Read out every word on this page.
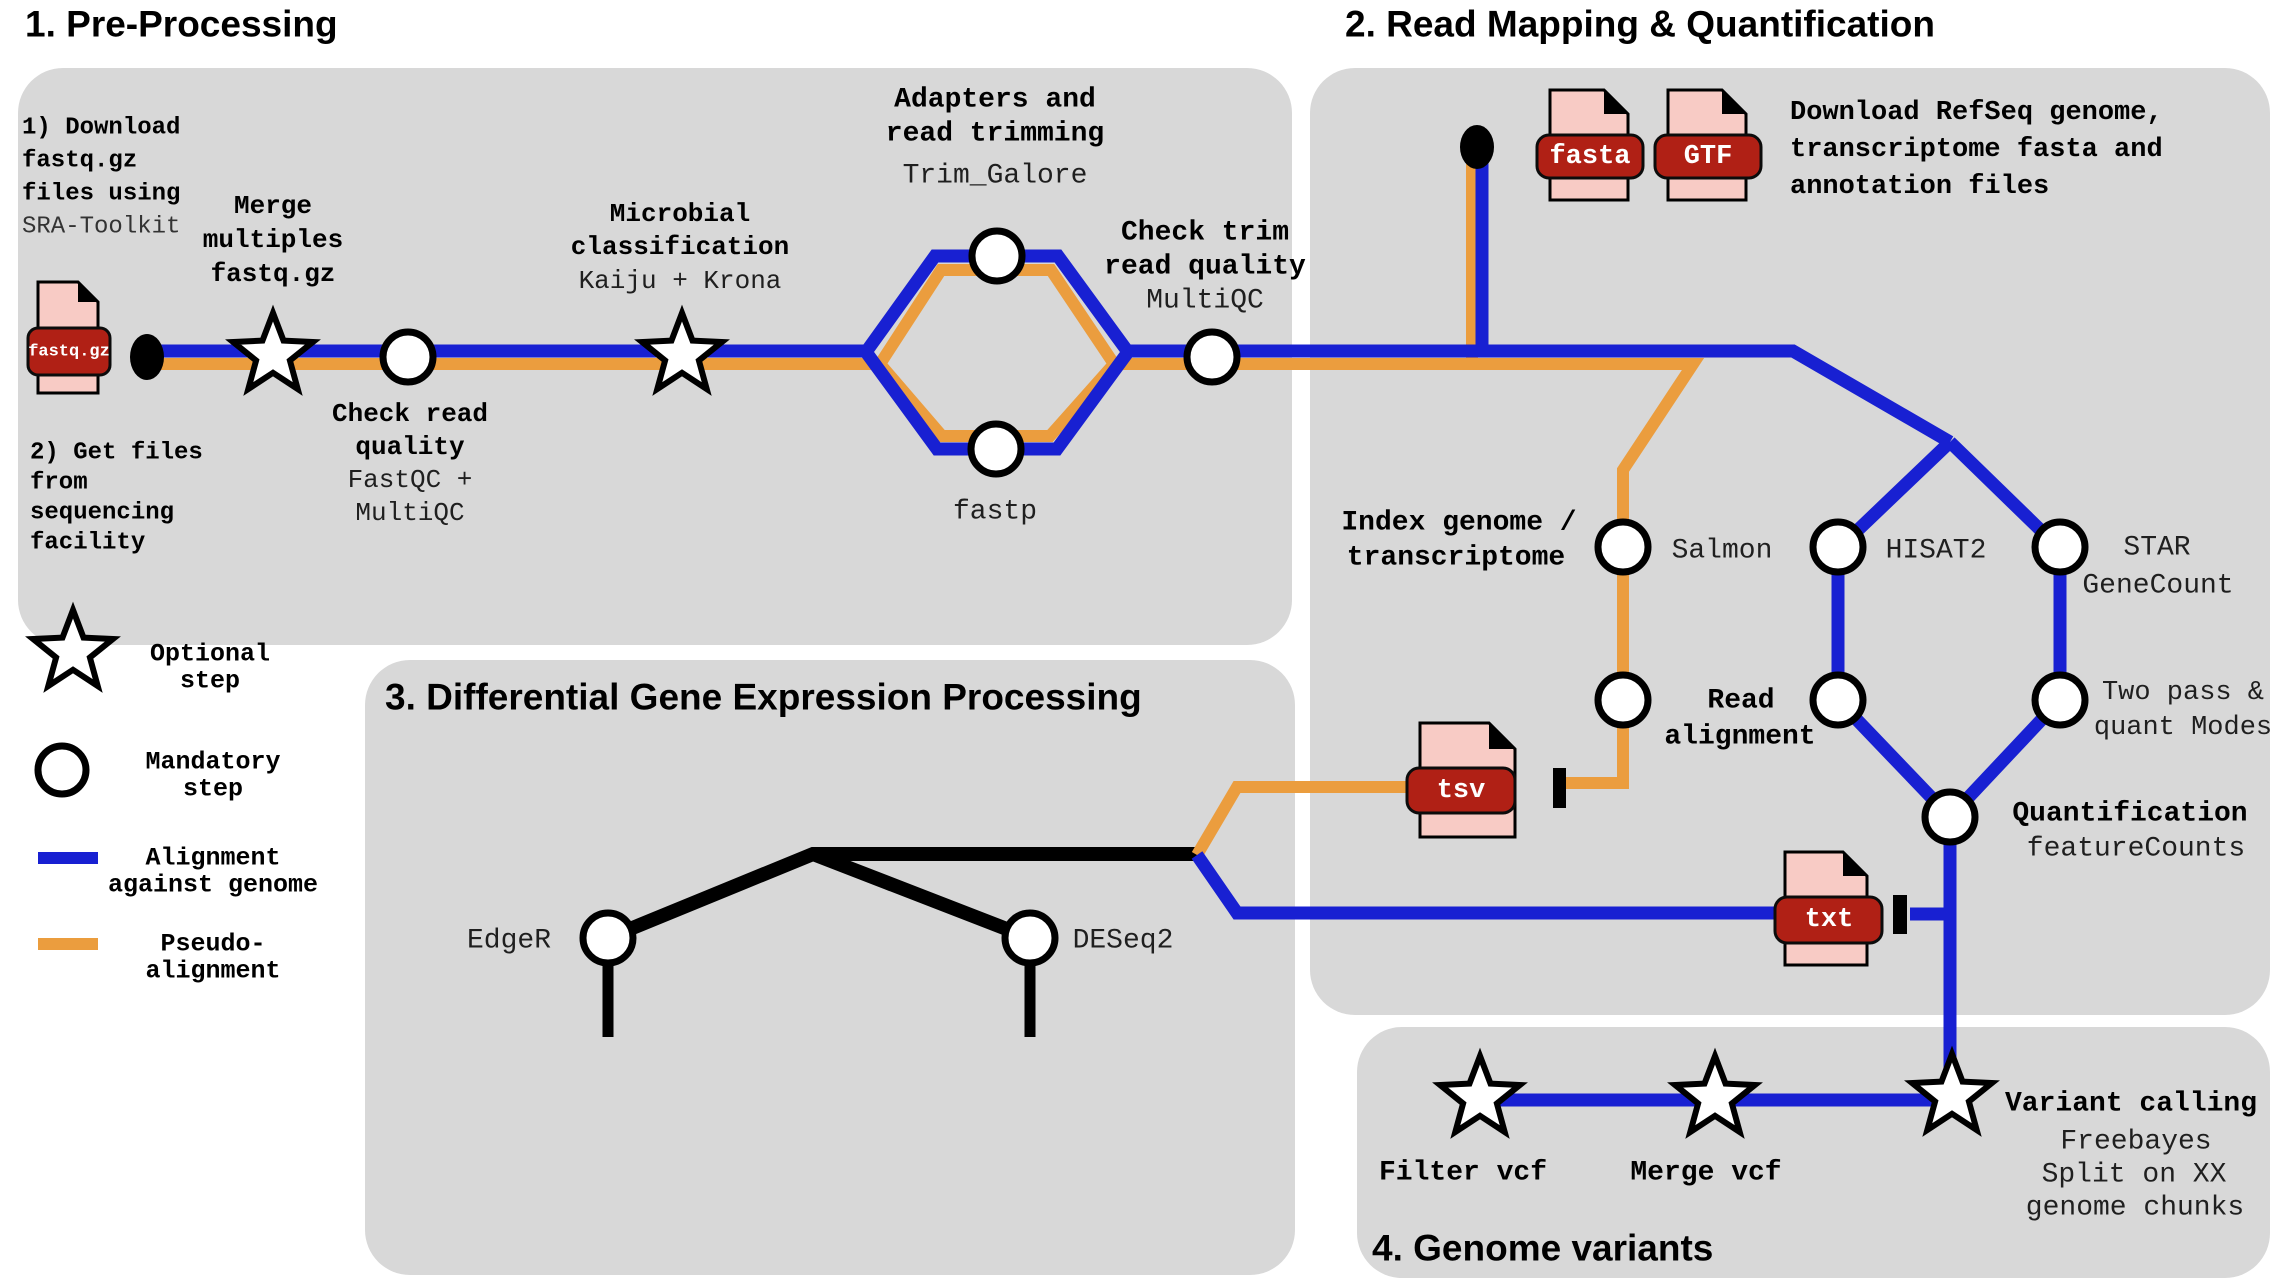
fastq.gz
fasta GTF
tsv
txt
1. Pre-Processing	2. Read Mapping & Quantification
3. Differential Gene Expression Processing
4. Genome variants
1) Download
fastq.gz
files using
SRA-Toolkit
2) Get files
from
sequencing
facility
Merge
multiples
fastq.gz
Check read
quality
FastQC +
MultiQC
Microbial
classification
Kaiju + Krona
Adapters and
read trimming
Trim_Galore
fastp
Check trim
read quality
MultiQC
Optional
step
Mandatory
step
Alignment
against genome
Pseudo-
alignment
Download RefSeq genome,
transcriptome fasta and
annotation files
Index genome /
transcriptome	Salmon	HISAT2	STAR
GeneCount
Read
alignment
Two pass &
quant Modes
Quantification
featureCounts
EdgeR	DESeq2
Filter vcf	Merge vcf
Variant calling
Freebayes
Split on XX
genome chunks
